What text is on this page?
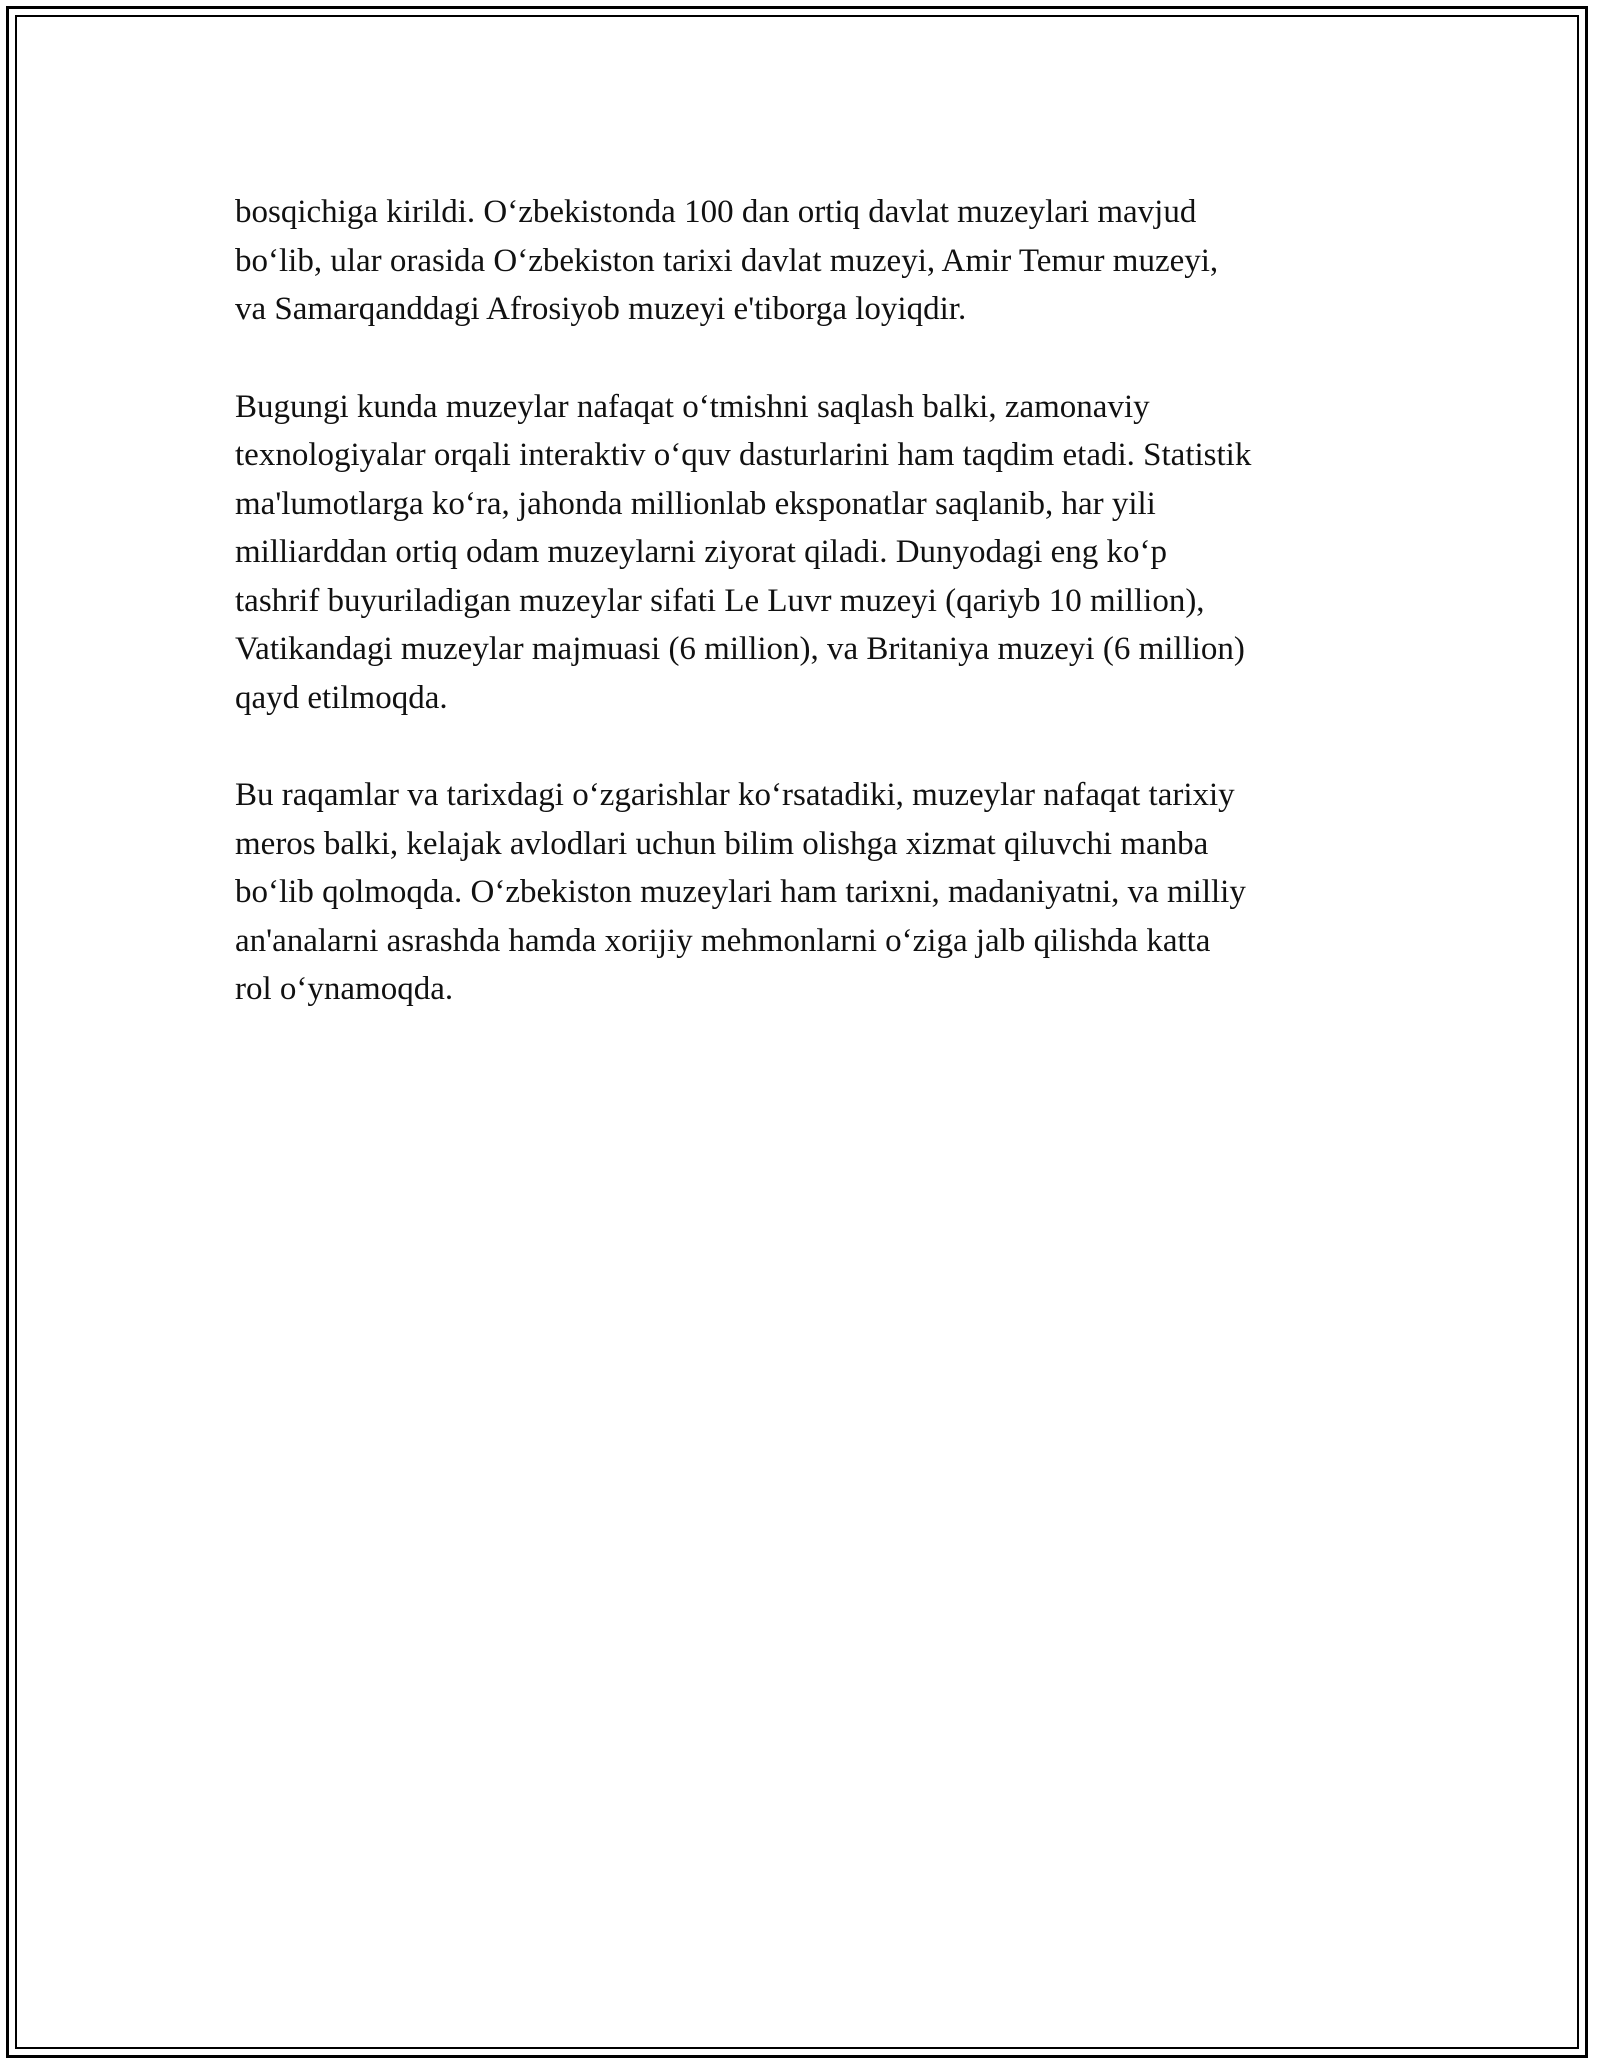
bosqichiga kirildi. O‘zbekistonda 100 dan ortiq davlat muzeylari mavjud
bo‘lib, ular orasida O‘zbekiston tarixi davlat muzeyi, Amir Temur muzeyi,
va Samarqanddagi Afrosiyob muzeyi e'tiborga loyiqdir.

Bugungi kunda muzeylar nafaqat o‘tmishni saqlash balki, zamonaviy
texnologiyalar orqali interaktiv o‘quv dasturlarini ham taqdim etadi. Statistik
ma'lumotlarga ko‘ra, jahonda millionlab eksponatlar saqlanib, har yili
milliarddan ortiq odam muzeylarni ziyorat qiladi. Dunyodagi eng ko‘p
tashrif buyuriladigan muzeylar sifati Le Luvr muzeyi (qariyb 10 million),
Vatikandagi muzeylar majmuasi (6 million), va Britaniya muzeyi (6 million)
qayd etilmoqda.

Bu raqamlar va tarixdagi o‘zgarishlar ko‘rsatadiki, muzeylar nafaqat tarixiy
meros balki, kelajak avlodlari uchun bilim olishga xizmat qiluvchi manba
bo‘lib qolmoqda. O‘zbekiston muzeylari ham tarixni, madaniyatni, va milliy
an'analarni asrashda hamda xorijiy mehmonlarni o‘ziga jalb qilishda katta
rol o‘ynamoqda.
